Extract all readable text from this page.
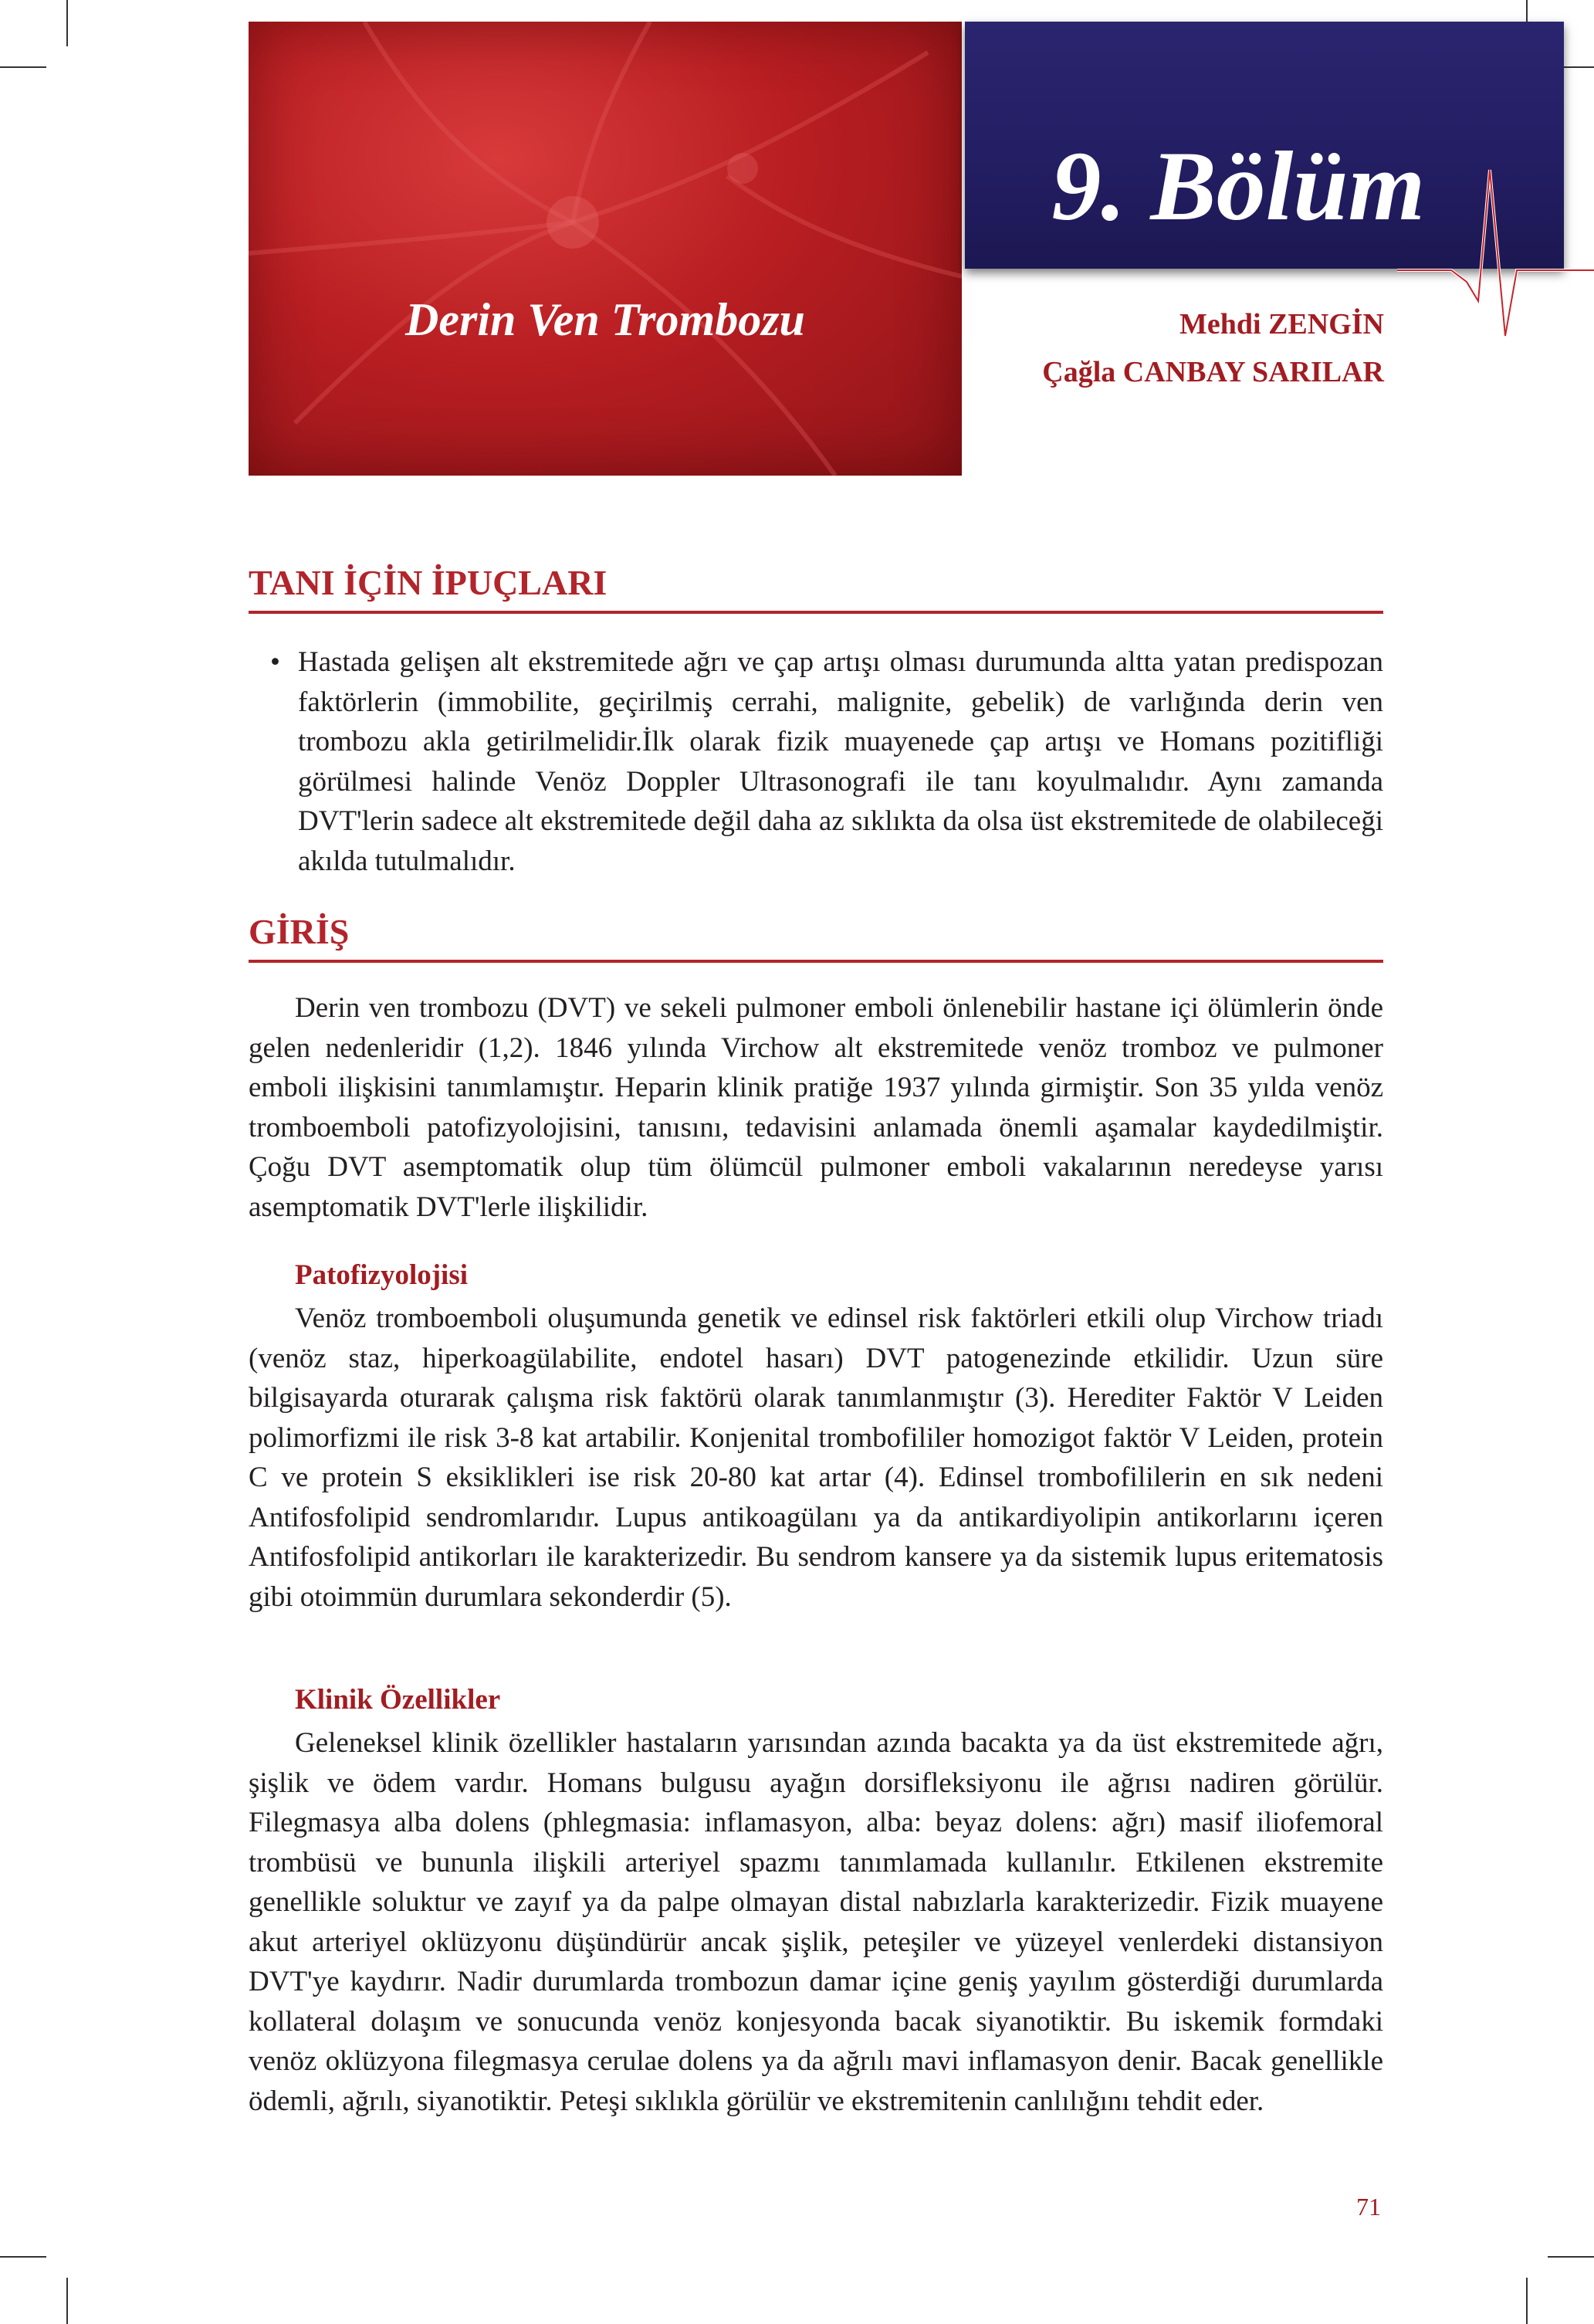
Derin Ven Trombozu
9. Bölüm
Mehdi ZENGİN
Çağla CANBAY SARILAR
TANI İÇİN İPUÇLARI
• Hastada gelişen alt ekstremitede ağrı ve çap artışı olması durumunda altta yatan predispozan faktörlerin (immobilite, geçirilmiş cerrahi, malignite, gebelik) de varlığında derin ven trombozu akla getirilmelidir.İlk olarak fizik muayenede çap artışı ve Homans pozitifliği görülmesi halinde Venöz Doppler Ultrasonografi ile tanı koyulmalıdır. Aynı zamanda DVT'lerin sadece alt ekstremitede değil daha az sıklıkta da olsa üst ekstremitede de olabileceği akılda tutulmalıdır.
GİRİŞ
Derin ven trombozu (DVT) ve sekeli pulmoner emboli önlenebilir hastane içi ölümlerin önde gelen nedenleridir (1,2). 1846 yılında Virchow alt ekstremitede venöz tromboz ve pulmoner emboli ilişkisini tanımlamıştır. Heparin klinik pratiğe 1937 yılında girmiştir. Son 35 yılda venöz tromboemboli patofizyolojisini, tanısını, tedavisini anlamada önemli aşamalar kaydedilmiştir. Çoğu DVT asemptomatik olup tüm ölümcül pulmoner emboli vakalarının neredeyse yarısı asemptomatik DVT'lerle ilişkilidir.
Patofizyolojisi
Venöz tromboemboli oluşumunda genetik ve edinsel risk faktörleri etkili olup Virchow triadı (venöz staz, hiperkoagülabilite, endotel hasarı) DVT patogenezinde etkilidir. Uzun süre bilgisayarda oturarak çalışma risk faktörü olarak tanımlanmıştır (3). Herediter Faktör V Leiden polimorfizmi ile risk 3-8 kat artabilir. Konjenital trombofililer homozigot faktör V Leiden, protein C ve protein S eksiklikleri ise risk 20-80 kat artar (4). Edinsel trombofililerin en sık nedeni Antifosfolipid sendromlarıdır. Lupus antikoagülanı ya da antikardiyolipin antikorlarını içeren Antifosfolipid antikorları ile karakterizedir. Bu sendrom kansere ya da sistemik lupus eritematosis gibi otoimmün durumlara sekonderdir (5).
Klinik Özellikler
Geleneksel klinik özellikler hastaların yarısından azında bacakta ya da üst ekstremitede ağrı, şişlik ve ödem vardır. Homans bulgusu ayağın dorsifleksiyonu ile ağrısı nadiren görülür. Filegmasya alba dolens (phlegmasia: inflamasyon, alba: beyaz dolens: ağrı) masif iliofemoral trombüsü ve bununla ilişkili arteriyel spazmı tanımlamada kullanılır. Etkilenen ekstremite genellikle soluktur ve zayıf ya da palpe olmayan distal nabızlarla karakterizedir. Fizik muayene akut arteriyel oklüzyonu düşündürür ancak şişlik, peteşiler ve yüzeyel venlerdeki distansiyon DVT'ye kaydırır. Nadir durumlarda trombozun damar içine geniş yayılım gösterdiği durumlarda kollateral dolaşım ve sonucunda venöz konjesyonda bacak siyanotiktir. Bu iskemik formdaki venöz oklüzyona filegmasya cerulae dolens ya da ağrılı mavi inflamasyon denir. Bacak genellikle ödemli, ağrılı, siyanotiktir. Peteşi sıklıkla görülür ve ekstremitenin canlılığını tehdit eder.
71
